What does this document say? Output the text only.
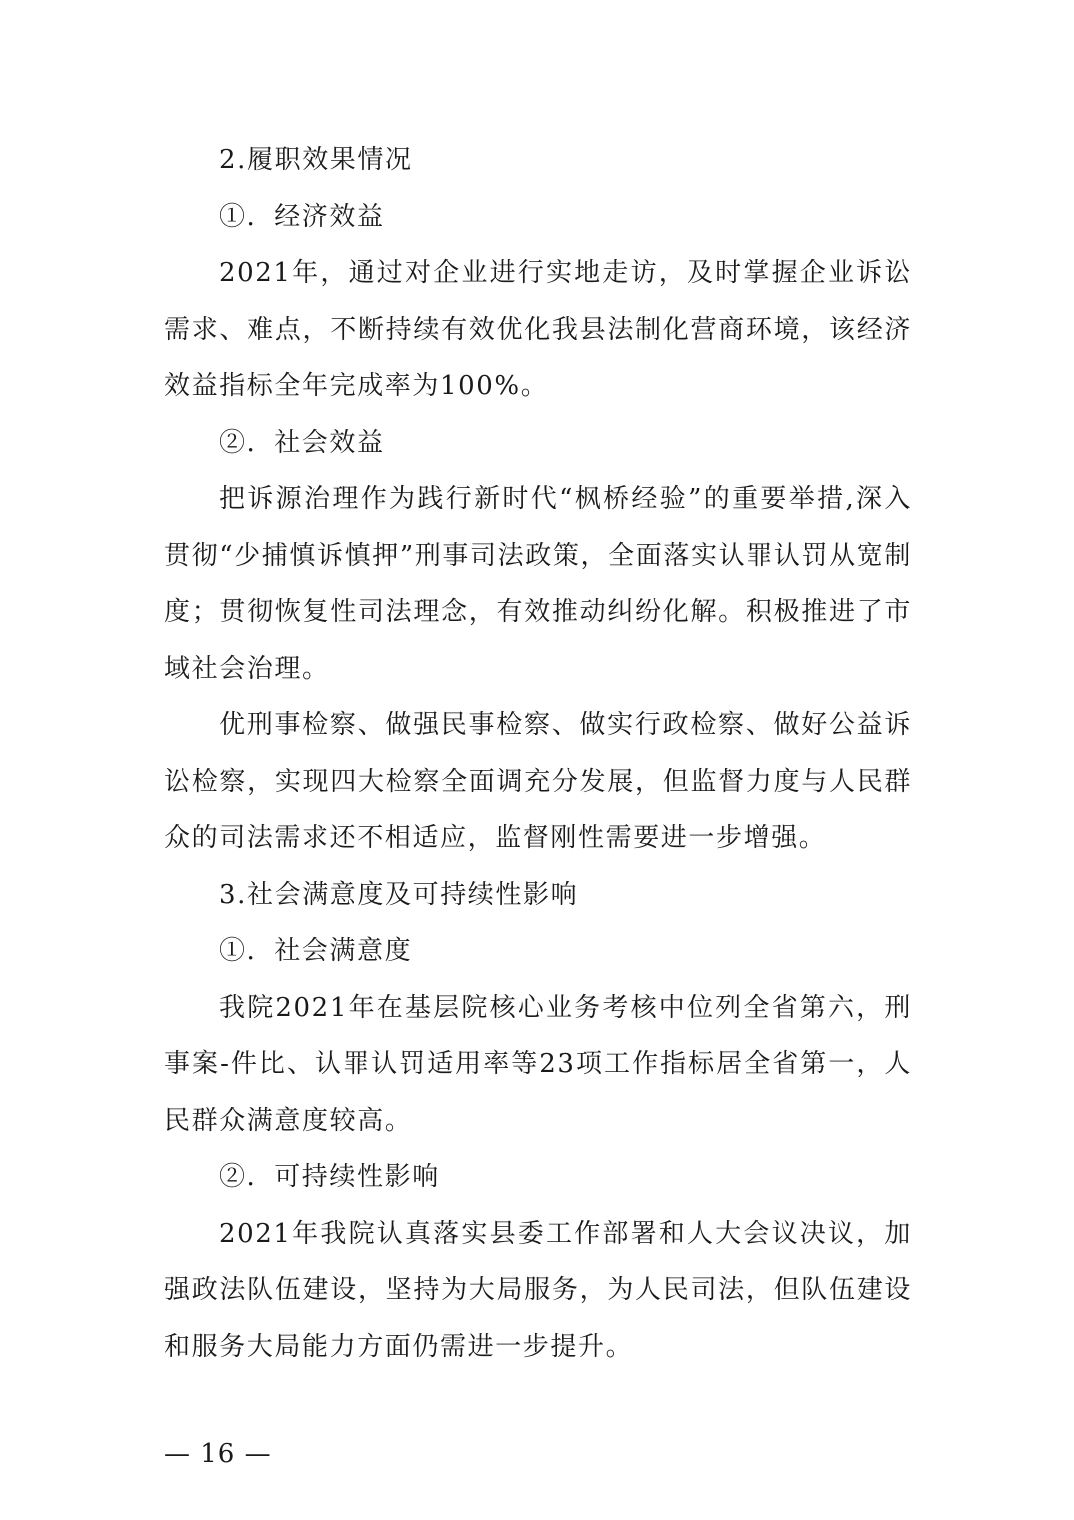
2.履职效果情况

①．经济效益

2021年，通过对企业进行实地走访，及时掌握企业诉讼需求、难点，不断持续有效优化我县法制化营商环境，该经济效益指标全年完成率为100%。

②．社会效益

把诉源治理作为践行新时代“枫桥经验”的重要举措,深入贯彻“少捕慎诉慎押”刑事司法政策，全面落实认罪认罚从宽制度；贯彻恢复性司法理念，有效推动纠纷化解。积极推进了市域社会治理。

优刑事检察、做强民事检察、做实行政检察、做好公益诉讼检察，实现四大检察全面调充分发展，但监督力度与人民群众的司法需求还不相适应，监督刚性需要进一步增强。

3.社会满意度及可持续性影响

①．社会满意度

我院2021年在基层院核心业务考核中位列全省第六，刑事案-件比、认罪认罚适用率等23项工作指标居全省第一，人民群众满意度较高。

②．可持续性影响

2021年我院认真落实县委工作部署和人大会议决议，加强政法队伍建设，坚持为大局服务，为人民司法，但队伍建设和服务大局能力方面仍需进一步提升。

— 16 —
